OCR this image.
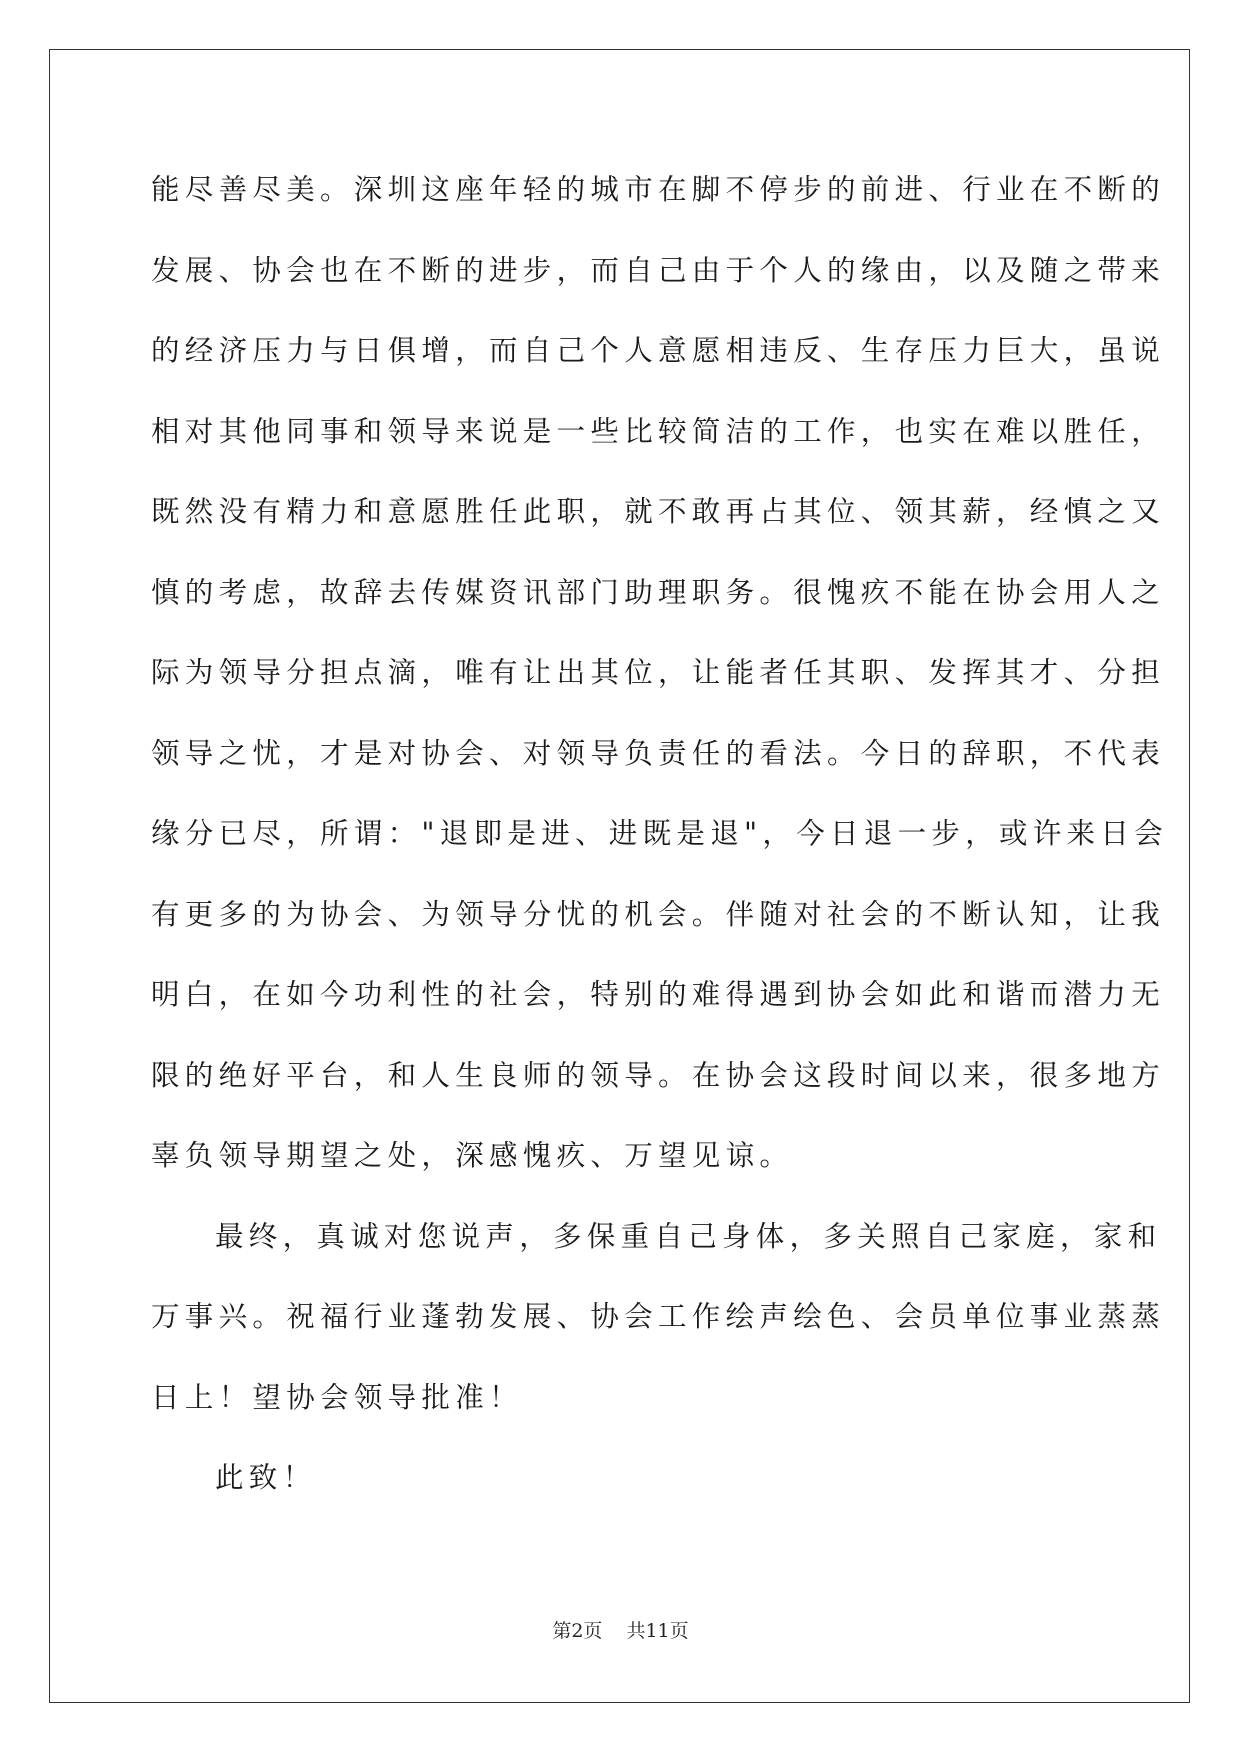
能尽善尽美。深圳这座年轻的城市在脚不停步的前进、行业在不断的
发展、协会也在不断的进步，而自己由于个人的缘由，以及随之带来
的经济压力与日俱增，而自己个人意愿相违反、生存压力巨大，虽说
相对其他同事和领导来说是一些比较简洁的工作，也实在难以胜任，
既然没有精力和意愿胜任此职，就不敢再占其位、领其薪，经慎之又
慎的考虑，故辞去传媒资讯部门助理职务。很愧疚不能在协会用人之
际为领导分担点滴，唯有让出其位，让能者任其职、发挥其才、分担
领导之忧，才是对协会、对领导负责任的看法。今日的辞职，不代表
缘分已尽，所谓："退即是进、进既是退"，今日退一步，或许来日会
有更多的为协会、为领导分忧的机会。伴随对社会的不断认知，让我
明白，在如今功利性的社会，特别的难得遇到协会如此和谐而潜力无
限的绝好平台，和人生良师的领导。在协会这段时间以来，很多地方
辜负领导期望之处，深感愧疚、万望见谅。
最终，真诚对您说声，多保重自己身体，多关照自己家庭，家和
万事兴。祝福行业蓬勃发展、协会工作绘声绘色、会员单位事业蒸蒸
日上！望协会领导批准！
此致！
第2页 共11页
